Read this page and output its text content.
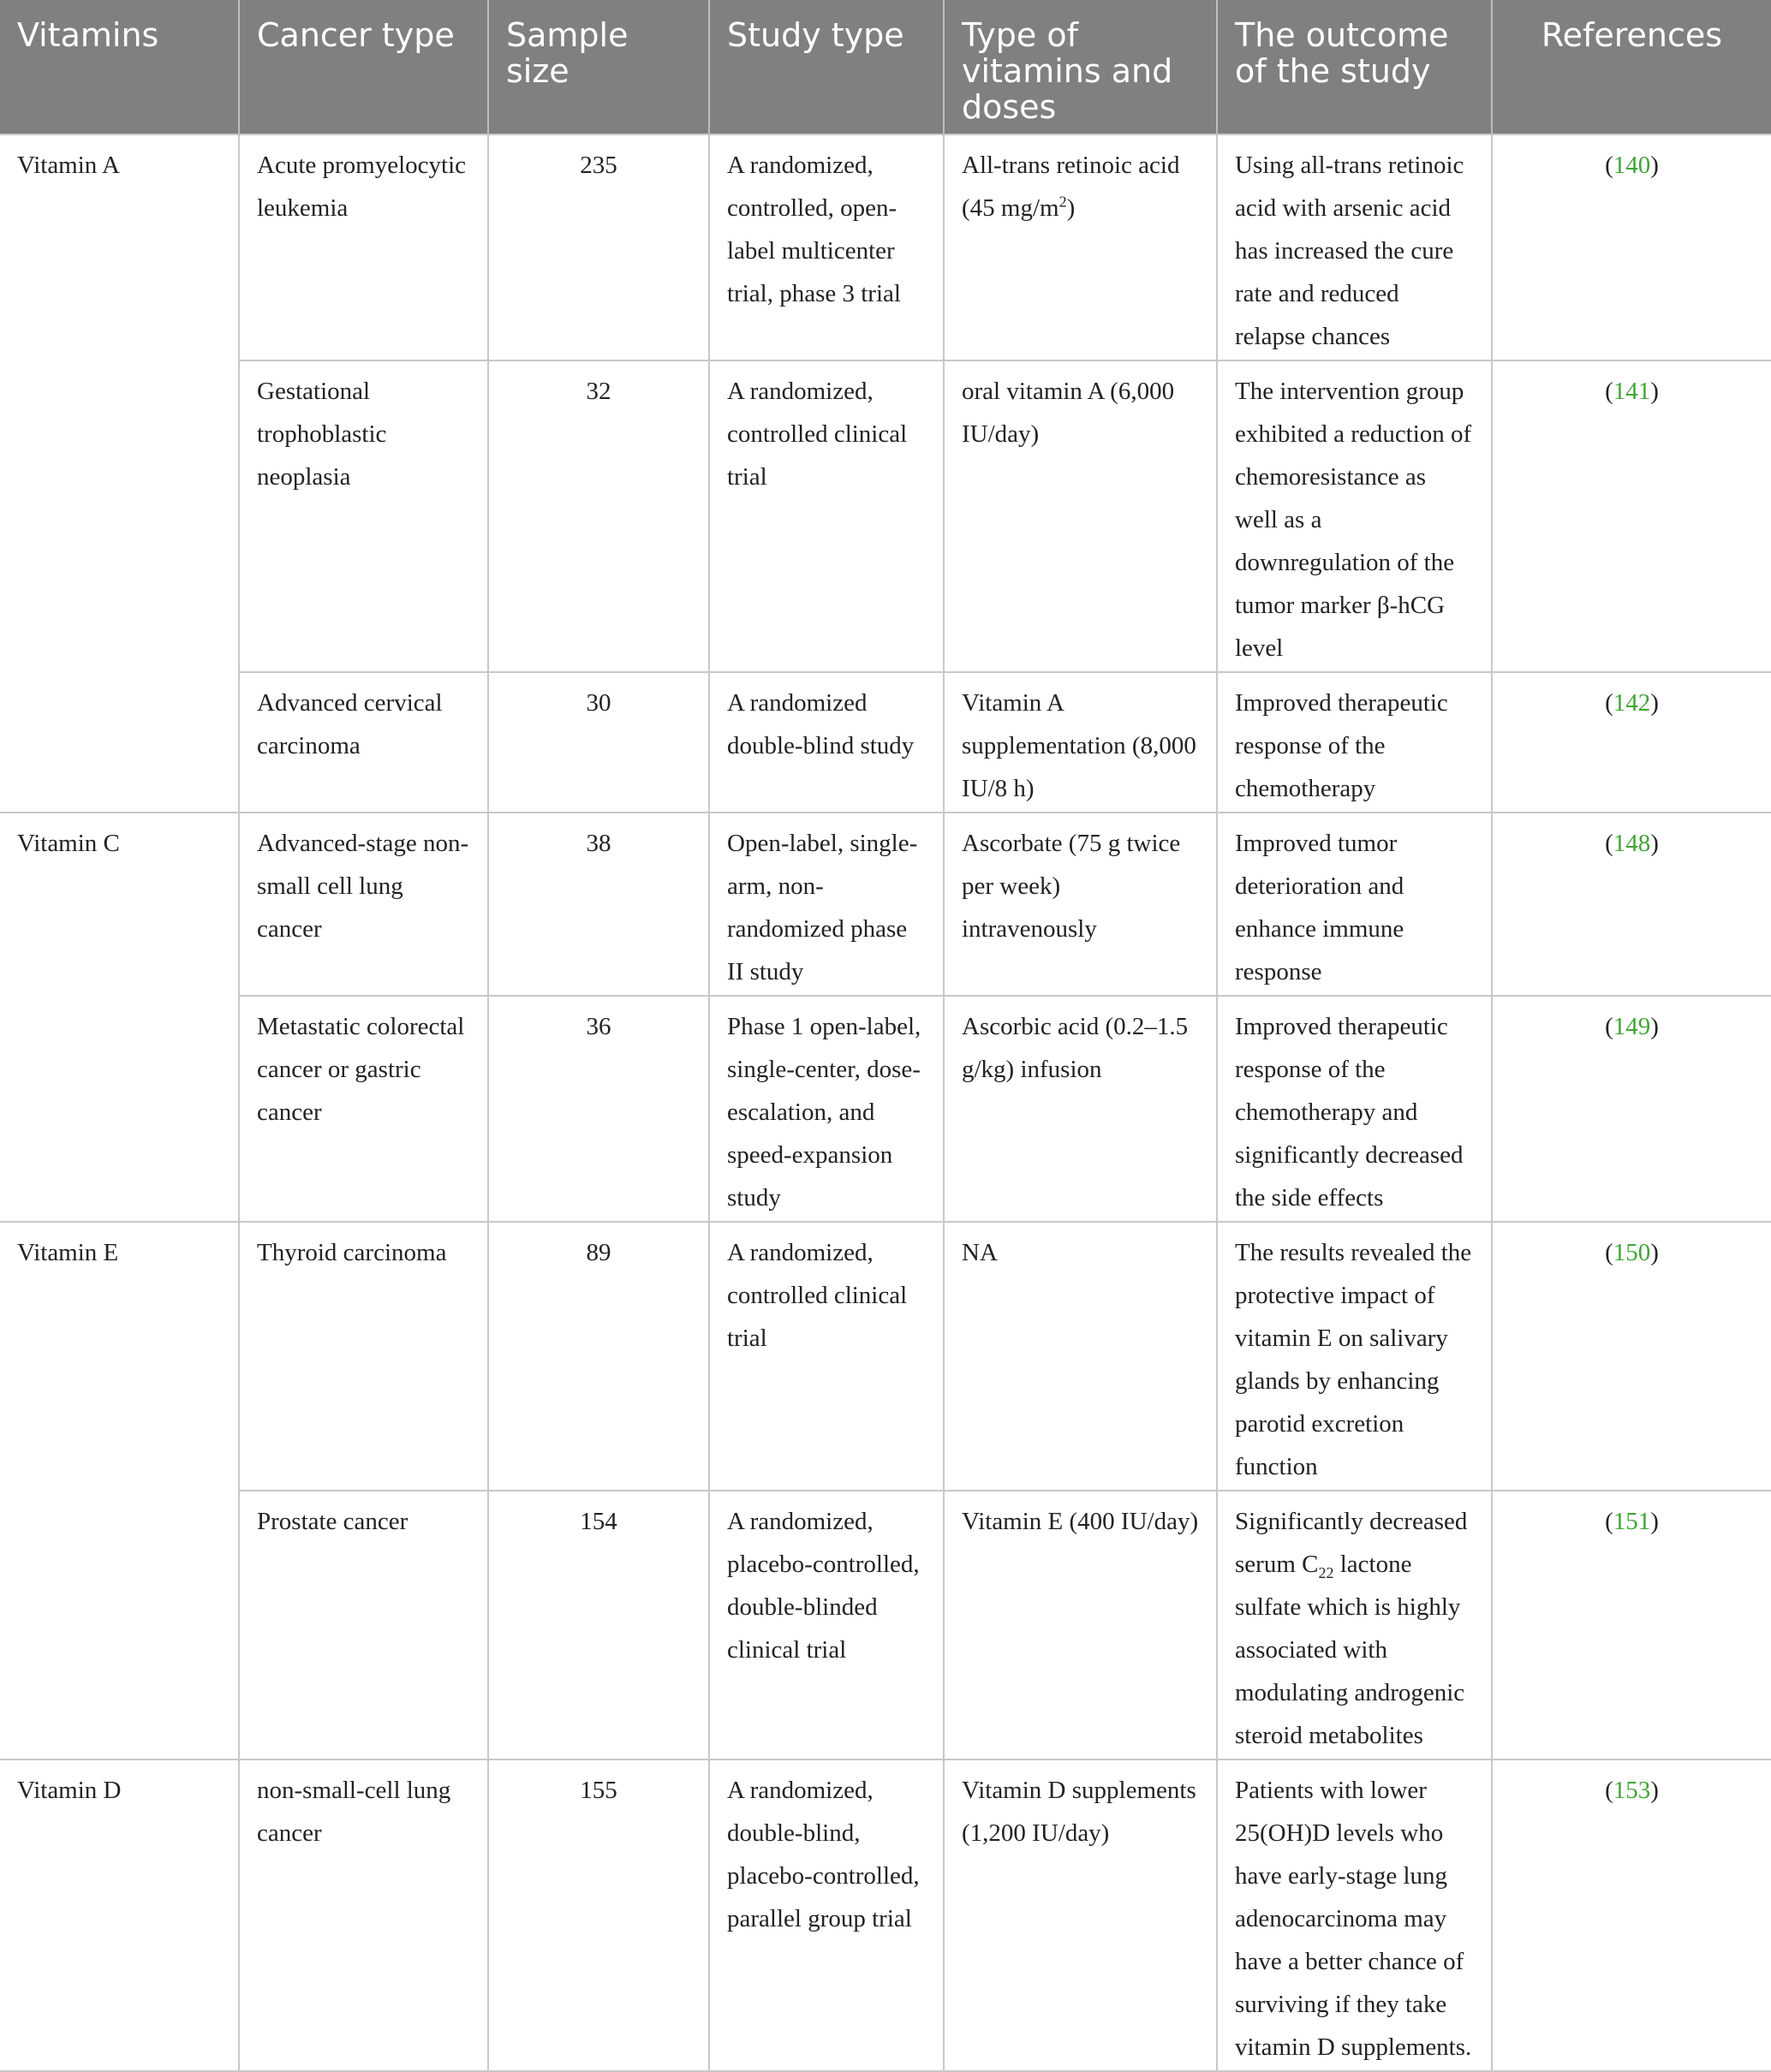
Vitamins	Cancer type	Sample size	Study type	Type of vitamins and doses	The outcome of the study	References
Vitamin A	Acute promyelocytic leukemia	235	A randomized, controlled, open-label multicenter trial, phase 3 trial	All-trans retinoic acid (45 $mg/m^2$)	Using all-trans retinoic acid with arsenic acid has increased the cure rate and reduced relapse chances	(140)
	Gestational trophoblastic neoplasia	32	A randomized, controlled clinical trial	oral vitamin A (6,000 IU/day)	The intervention group exhibited a reduction of chemoresistance as well as a downregulation of the tumor marker β-hCG level	(141)
	Advanced cervical carcinoma	30	A randomized double-blind study	Vitamin A supplementation (8,000 IU/8 h)	Improved therapeutic response of the chemotherapy	(142)
Vitamin C	Advanced-stage non-small cell lung cancer	38	Open-label, single-arm, non-randomized phase II study	Ascorbate (75 g twice per week) intravenously	Improved tumor deterioration and enhance immune response	(148)
	Metastatic colorectal cancer or gastric cancer	36	Phase 1 open-label, single-center, dose-escalation, and speed-expansion study	Ascorbic acid (0.2–1.5 g/kg) infusion	Improved therapeutic response of the chemotherapy and significantly decreased the side effects	(149)
Vitamin E	Thyroid carcinoma	89	A randomized, controlled clinical trial	NA	The results revealed the protective impact of vitamin E on salivary glands by enhancing parotid excretion function	(150)
	Prostate cancer	154	A randomized, placebo-controlled, double-blinded clinical trial	Vitamin E (400 IU/day)	Significantly decreased serum $C_{22}$ lactone sulfate which is highly associated with modulating androgenic steroid metabolites	(151)
Vitamin D	non-small-cell lung cancer	155	A randomized, double-blind, placebo-controlled, parallel group trial	Vitamin D supplements (1,200 IU/day)	Patients with lower 25(OH)D levels who have early-stage lung adenocarcinoma may have a better chance of surviving if they take vitamin D supplements.	(153)
